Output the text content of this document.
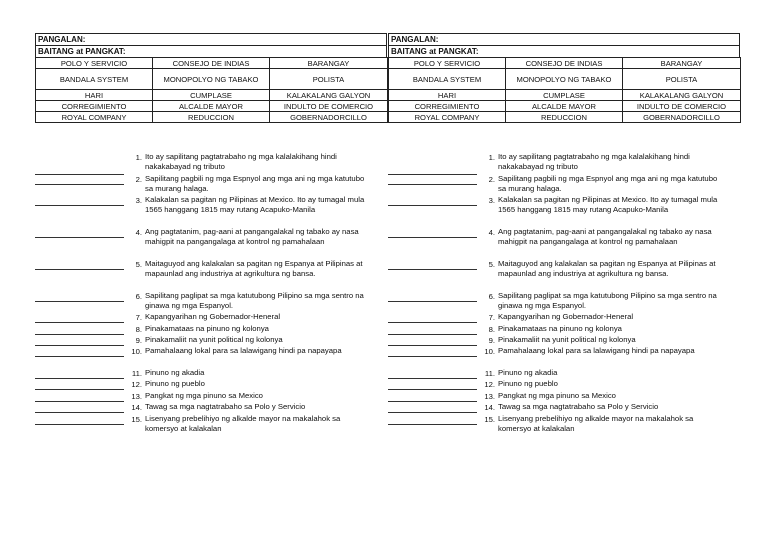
PANGALAN:
BAITANG at PANGKAT:
POLO Y SERVICIO	CONSEJO DE INDIAS	BARANGAY
BANDALA SYSTEM	MONOPOLYO NG TABAKO	POLISTA
HARI	CUMPLASE	KALAKALANG GALYON
CORREGIMIENTO	ALCALDE MAYOR	INDULTO DE COMERCIO
ROYAL COMPANY	REDUCCION	GOBERNADORCILLO
1. Ito ay sapilitang pagtatrabaho ng mga kalalakihang hindi nakakabayad ng tributo
2. Sapilitang pagbili ng mga Espnyol ang mga ani ng mga katutubo sa murang halaga.
3. Kalakalan sa pagitan ng Pilipinas at Mexico. Ito ay tumagal mula 1565 hanggang 1815 may rutang Acapuko-Manila
4. Ang pagtatanim, pag-aani at pangangalakal ng tabako ay nasa mahigpit na pangangalaga at kontrol ng pamahalaan
5. Maitaguyod ang kalakalan sa pagitan ng Espanya at Pilipinas at mapaunlad ang industriya at agrikultura ng bansa.
6. Sapilitang paglipat sa mga katutubong Pilipino sa mga sentro na ginawa ng mga Espanyol.
7. Kapangyarihan ng Gobernador-Heneral
8. Pinakamataas na pinuno ng kolonya
9. Pinakamaliit na yunit political ng kolonya
10. Pamahalaang lokal para sa lalawigang hindi pa napayapa
11. Pinuno ng akadia
12. Pinuno ng pueblo
13. Pangkat ng mga pinuno sa Mexico
14. Tawag sa mga nagtatrabaho sa Polo y Servicio
15. Lisenyang prebelihiyo ng alkalde mayor na makalahok sa komersyo at kalakalan
PANGALAN:
BAITANG at PANGKAT:
POLO Y SERVICIO	CONSEJO DE INDIAS	BARANGAY
BANDALA SYSTEM	MONOPOLYO NG TABAKO	POLISTA
HARI	CUMPLASE	KALAKALANG GALYON
CORREGIMIENTO	ALCALDE MAYOR	INDULTO DE COMERCIO
ROYAL COMPANY	REDUCCION	GOBERNADORCILLO
1. Ito ay sapilitang pagtatrabaho ng mga kalalakihang hindi nakakabayad ng tributo
2. Sapilitang pagbili ng mga Espnyol ang mga ani ng mga katutubo sa murang halaga.
3. Kalakalan sa pagitan ng Pilipinas at Mexico. Ito ay tumagal mula 1565 hanggang 1815 may rutang Acapuko-Manila
4. Ang pagtatanim, pag-aani at pangangalakal ng tabako ay nasa mahigpit na pangangalaga at kontrol ng pamahalaan
5. Maitaguyod ang kalakalan sa pagitan ng Espanya at Pilipinas at mapaunlad ang industriya at agrikultura ng bansa.
6. Sapilitang paglipat sa mga katutubong Pilipino sa mga sentro na ginawa ng mga Espanyol.
7. Kapangyarihan ng Gobernador-Heneral
8. Pinakamataas na pinuno ng kolonya
9. Pinakamaliit na yunit political ng kolonya
10. Pamahalaang lokal para sa lalawigang hindi pa napayapa
11. Pinuno ng akadia
12. Pinuno ng pueblo
13. Pangkat ng mga pinuno sa Mexico
14. Tawag sa mga nagtatrabaho sa Polo y Servicio
15. Lisenyang prebelihiyo ng alkalde mayor na makalahok sa komersyo at kalakalan
